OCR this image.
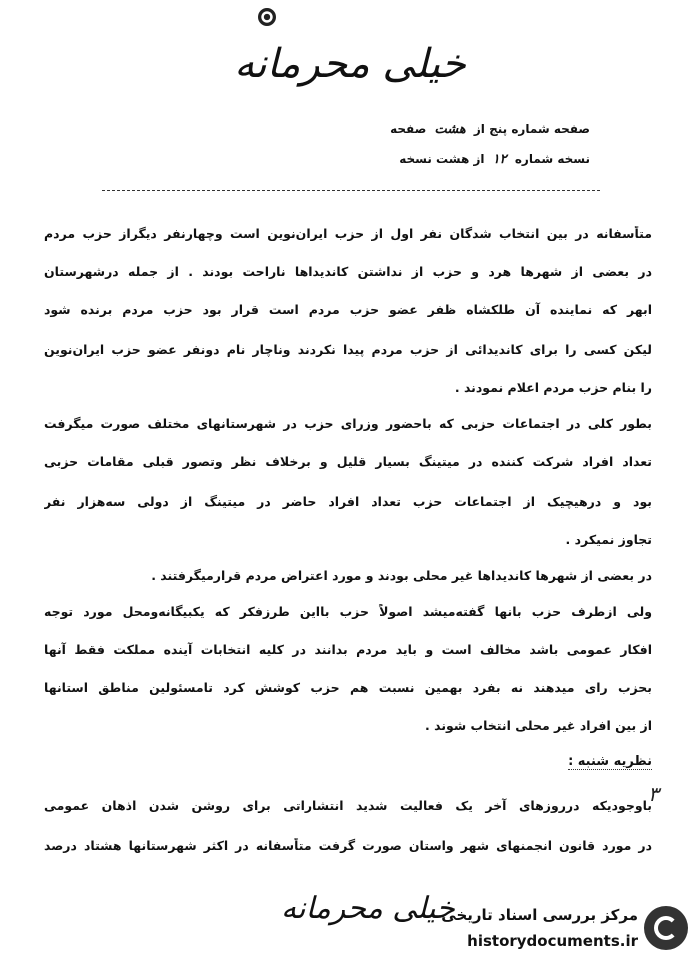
خیلی محرمانه
صفحه شماره پنج از هشت صفحه
نسخه شماره ۱۲ از هشت نسخه
متاًسفانه در بین انتخاب شدگان نفر اول از حزب ایران‌نوین است وچهارنفر دیگراز حزب مردم
در بعضی از شهرها هرد و حزب از نداشتن کاندیداها ناراحت بودند . از جمله درشهرستان
ابهر که نماینده آن طلکشاه ظفر عضو حزب مردم است قرار بود حزب مردم برنده شود
لیکن کسی را برای کاندیدائی از حزب مردم پیدا نکردند وناچار نام دونفر عضو حزب ایران‌نوین
را بنام حزب مردم اعلام نمودند .
بطور کلی در اجتماعات حزبی که باحضور وزرای حزب در شهرستانهای مختلف صورت میگرفت
تعداد افراد شرکت کننده در میتینگ بسیار قلیل و برخلاف نظر وتصور قبلی مقامات حزبی
بود و درهیچیک از اجتماعات حزب تعداد افراد حاضر در میتینگ از دولی سه‌هزار نفر
تجاوز نمیکرد .
در بعضی از شهرها کاندیداها غیر محلی بودند و مورد اعتراض مردم قرارمیگرفتند .
ولی ازطرف حزب بانها گفته‌میشد اصولاً حزب بااین طرزفکر که یکبیگانه‌ومحل مورد توجه
افکار عمومی باشد مخالف است و باید مردم بدانند در کلیه انتخابات آینده مملکت فقط آنها
بحزب رای میدهند نه بفرد بهمین نسبت هم حزب کوشش کرد تامسئولین مناطق استانها
از بین افراد غیر محلی انتخاب شوند .
نظریه شنبه :
۳
باوجودیکه درروزهای آخر یک فعالیت شدید انتشاراتی برای روشن شدن اذهان عمومی
در مورد قانون انجمنهای شهر واستان صورت گرفت متاًسفانه در اکثر شهرستانها هشتاد درصد
خیلی محرمانه
مرکز بررسی اسناد تاریخی
historydocuments.ir
